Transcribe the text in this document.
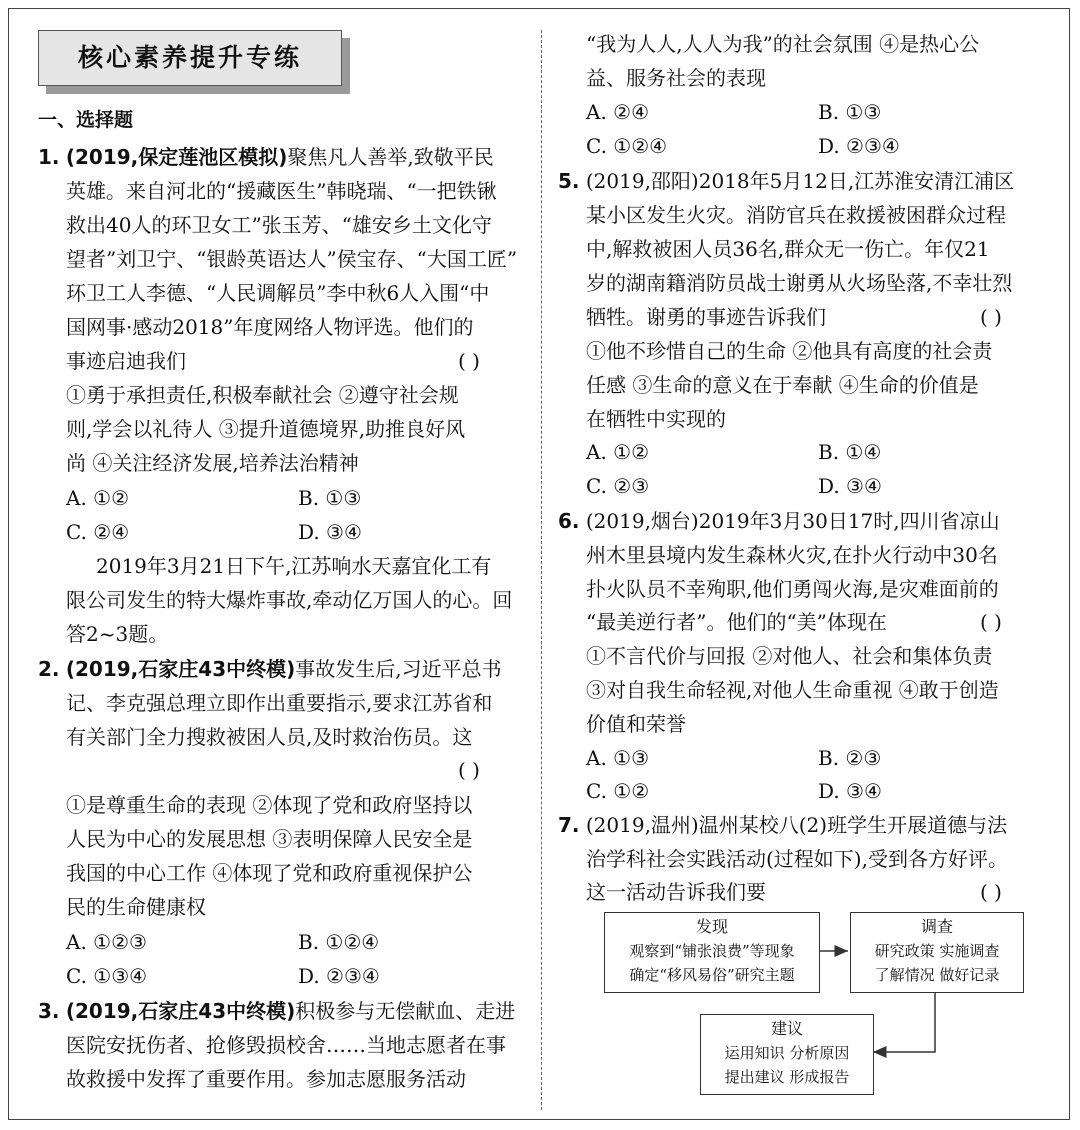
核心素养提升专练
一、选择题
1. (2019,保定莲池区模拟)聚焦凡人善举,致敬平民
英雄。来自河北的“援藏医生”韩晓瑞、“一把铁锹
救出40人的环卫女工”张玉芳、“雄安乡土文化守
望者”刘卫宁、“银龄英语达人”侯宝存、“大国工匠”
环卫工人李德、“人民调解员”李中秋6人入围“中
国网事·感动2018”年度网络人物评选。他们的
事迹启迪我们	( )
①勇于承担责任,积极奉献社会 ②遵守社会规
则,学会以礼待人 ③提升道德境界,助推良好风
尚 ④关注经济发展,培养法治精神
A. ①②	B. ①③
C. ②④	D. ③④
2019年3月21日下午,江苏响水天嘉宜化工有
限公司发生的特大爆炸事故,牵动亿万国人的心。回
答2~3题。
2. (2019,石家庄43中终模)事故发生后,习近平总书
记、李克强总理立即作出重要指示,要求江苏省和
有关部门全力搜救被困人员,及时救治伤员。这
( )
①是尊重生命的表现 ②体现了党和政府坚持以
人民为中心的发展思想 ③表明保障人民安全是
我国的中心工作 ④体现了党和政府重视保护公
民的生命健康权
A. ①②③	B. ①②④
C. ①③④	D. ②③④
3. (2019,石家庄43中终模)积极参与无偿献血、走进
医院安抚伤者、抢修毁损校舍……当地志愿者在事
故救援中发挥了重要作用。参加志愿服务活动
“我为人人,人人为我”的社会氛围 ④是热心公
益、服务社会的表现
A. ②④	B. ①③
C. ①②④	D. ②③④
5. (2019,邵阳)2018年5月12日,江苏淮安清江浦区
某小区发生火灾。消防官兵在救援被困群众过程
中,解救被困人员36名,群众无一伤亡。年仅21
岁的湖南籍消防员战士谢勇从火场坠落,不幸壮烈
牺牲。谢勇的事迹告诉我们	( )
①他不珍惜自己的生命 ②他具有高度的社会责
任感 ③生命的意义在于奉献 ④生命的价值是
在牺牲中实现的
A. ①②	B. ①④
C. ②③	D. ③④
6. (2019,烟台)2019年3月30日17时,四川省凉山
州木里县境内发生森林火灾,在扑火行动中30名
扑火队员不幸殉职,他们勇闯火海,是灾难面前的
“最美逆行者”。他们的“美”体现在	( )
①不言代价与回报 ②对他人、社会和集体负责
③对自我生命轻视,对他人生命重视 ④敢于创造
价值和荣誉
A. ①③	B. ②③
C. ①②	D. ③④
7. (2019,温州)温州某校八(2)班学生开展道德与法
治学科社会实践活动(过程如下),受到各方好评。
这一活动告诉我们要	( )
发现
观察到“铺张浪费”等现象
确定“移风易俗”研究主题
调查
研究政策 实施调查
了解情况 做好记录
建议
运用知识 分析原因
提出建议 形成报告
